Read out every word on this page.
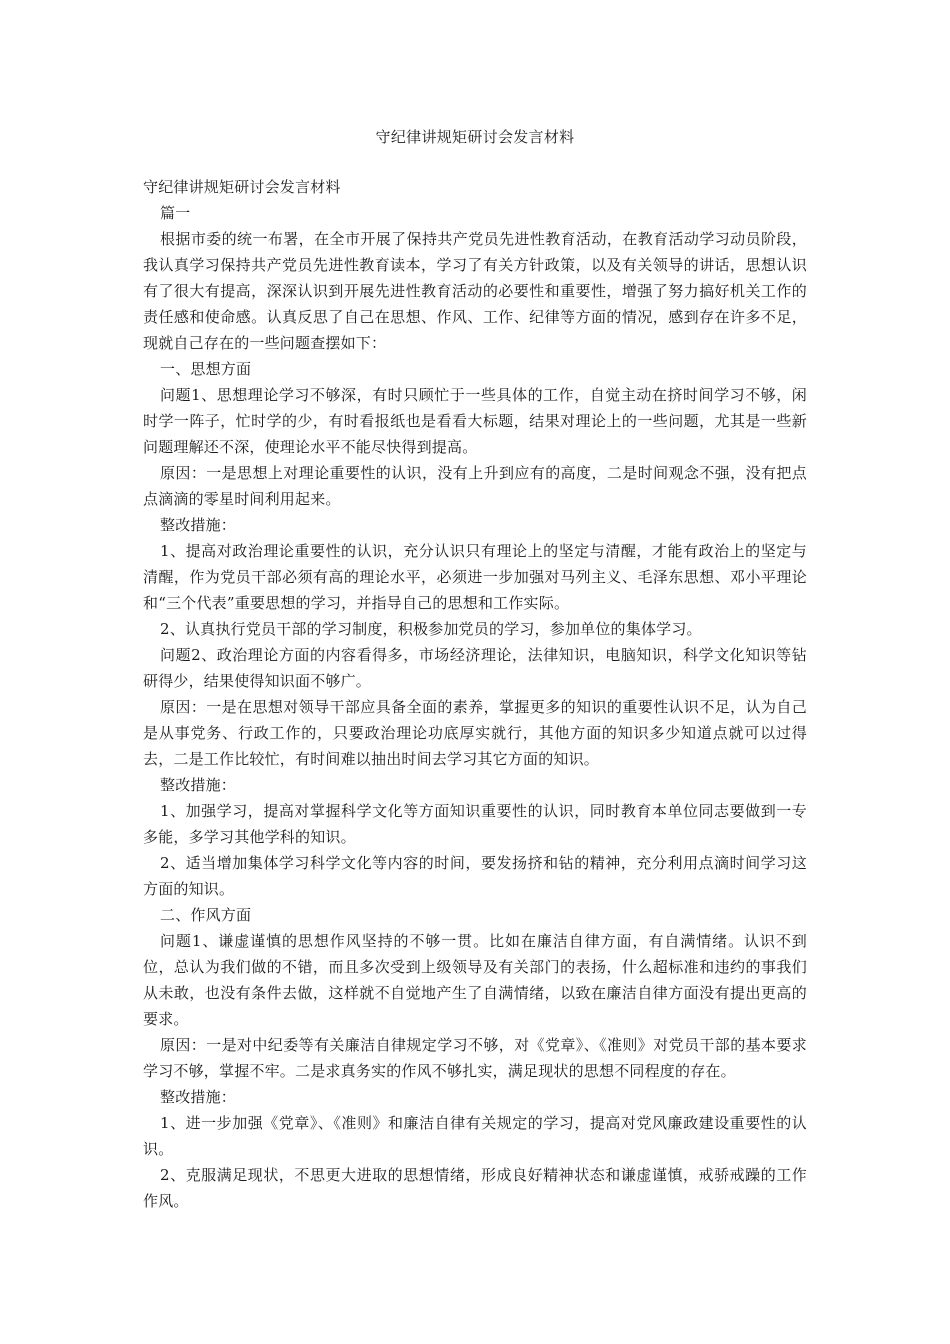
守纪律讲规矩研讨会发言材料

守纪律讲规矩研讨会发言材料

篇一

根据市委的统一布署，在全市开展了保持共产党员先进性教育活动，在教育活动学习动员阶段，我认真学习保持共产党员先进性教育读本，学习了有关方针政策，以及有关领导的讲话，思想认识有了很大有提高，深深认识到开展先进性教育活动的必要性和重要性，增强了努力搞好机关工作的责任感和使命感。认真反思了自己在思想、作风、工作、纪律等方面的情况，感到存在许多不足，现就自己存在的一些问题查摆如下：

一、思想方面

问题1、思想理论学习不够深，有时只顾忙于一些具体的工作，自觉主动在挤时间学习不够，闲时学一阵子，忙时学的少，有时看报纸也是看看大标题，结果对理论上的一些问题，尤其是一些新问题理解还不深，使理论水平不能尽快得到提高。

原因：一是思想上对理论重要性的认识，没有上升到应有的高度，二是时间观念不强，没有把点点滴滴的零星时间利用起来。

整改措施：

1、提高对政治理论重要性的认识，充分认识只有理论上的坚定与清醒，才能有政治上的坚定与清醒，作为党员干部必须有高的理论水平，必须进一步加强对马列主义、毛泽东思想、邓小平理论和“三个代表”重要思想的学习，并指导自己的思想和工作实际。

2、认真执行党员干部的学习制度，积极参加党员的学习，参加单位的集体学习。

问题2、政治理论方面的内容看得多，市场经济理论，法律知识，电脑知识，科学文化知识等钻研得少，结果使得知识面不够广。

原因：一是在思想对领导干部应具备全面的素养，掌握更多的知识的重要性认识不足，认为自己是从事党务、行政工作的，只要政治理论功底厚实就行，其他方面的知识多少知道点就可以过得去，二是工作比较忙，有时间难以抽出时间去学习其它方面的知识。

整改措施：

1、加强学习，提高对掌握科学文化等方面知识重要性的认识，同时教育本单位同志要做到一专多能，多学习其他学科的知识。

2、适当增加集体学习科学文化等内容的时间，要发扬挤和钻的精神，充分利用点滴时间学习这方面的知识。

二、作风方面

问题1、谦虚谨慎的思想作风坚持的不够一贯。比如在廉洁自律方面，有自满情绪。认识不到位，总认为我们做的不错，而且多次受到上级领导及有关部门的表扬，什么超标准和违约的事我们从未敢，也没有条件去做，这样就不自觉地产生了自满情绪，以致在廉洁自律方面没有提出更高的要求。

原因：一是对中纪委等有关廉洁自律规定学习不够，对《党章》、《准则》对党员干部的基本要求学习不够，掌握不牢。二是求真务实的作风不够扎实，满足现状的思想不同程度的存在。

整改措施：

1、进一步加强《党章》、《准则》和廉洁自律有关规定的学习，提高对党风廉政建设重要性的认识。

2、克服满足现状，不思更大进取的思想情绪，形成良好精神状态和谦虚谨慎，戒骄戒躁的工作作风。
